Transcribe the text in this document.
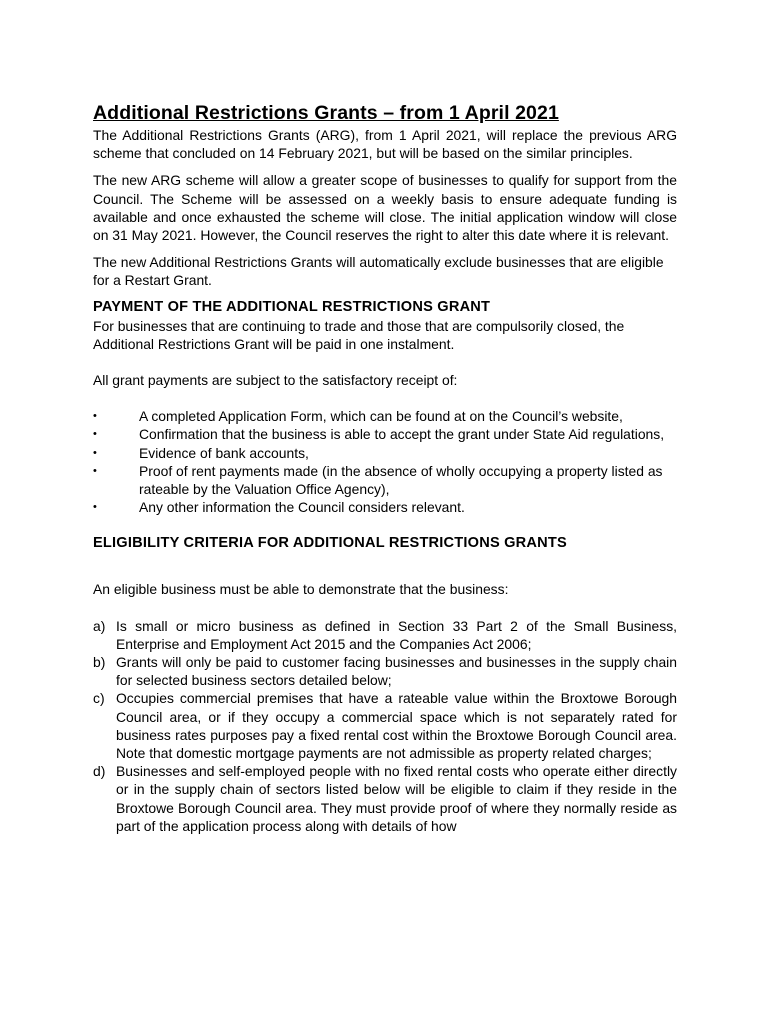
Additional Restrictions Grants – from 1 April 2021

The Additional Restrictions Grants (ARG), from 1 April 2021, will replace the previous ARG scheme that concluded on 14 February 2021, but will be based on the similar principles.

The new ARG scheme will allow a greater scope of businesses to qualify for support from the Council. The Scheme will be assessed on a weekly basis to ensure adequate funding is available and once exhausted the scheme will close. The initial application window will close on 31 May 2021. However, the Council reserves the right to alter this date where it is relevant.

The new Additional Restrictions Grants will automatically exclude businesses that are eligible for a Restart Grant.

PAYMENT OF THE ADDITIONAL RESTRICTIONS GRANT

For businesses that are continuing to trade and those that are compulsorily closed, the Additional Restrictions Grant will be paid in one instalment.

All grant payments are subject to the satisfactory receipt of:

•	A completed Application Form, which can be found at on the Council’s website,
•	Confirmation that the business is able to accept the grant under State Aid regulations,
•	Evidence of bank accounts,
•	Proof of rent payments made (in the absence of wholly occupying a property listed as rateable by the Valuation Office Agency),
•	Any other information the Council considers relevant.
ELIGIBILITY CRITERIA FOR ADDITIONAL RESTRICTIONS GRANTS

An eligible business must be able to demonstrate that the business:

a) Is small or micro business as defined in Section 33 Part 2 of the Small Business, Enterprise and Employment Act 2015 and the Companies Act 2006;
b) Grants will only be paid to customer facing businesses and businesses in the supply chain for selected business sectors detailed below;
c) Occupies commercial premises that have a rateable value within the Broxtowe Borough Council area, or if they occupy a commercial space which is not separately rated for business rates purposes pay a fixed rental cost within the Broxtowe Borough Council area. Note that domestic mortgage payments are not admissible as property related charges;
d) Businesses and self-employed people with no fixed rental costs who operate either directly or in the supply chain of sectors listed below will be eligible to claim if they reside in the Broxtowe Borough Council area. They must provide proof of where they normally reside as part of the application process along with details of how
